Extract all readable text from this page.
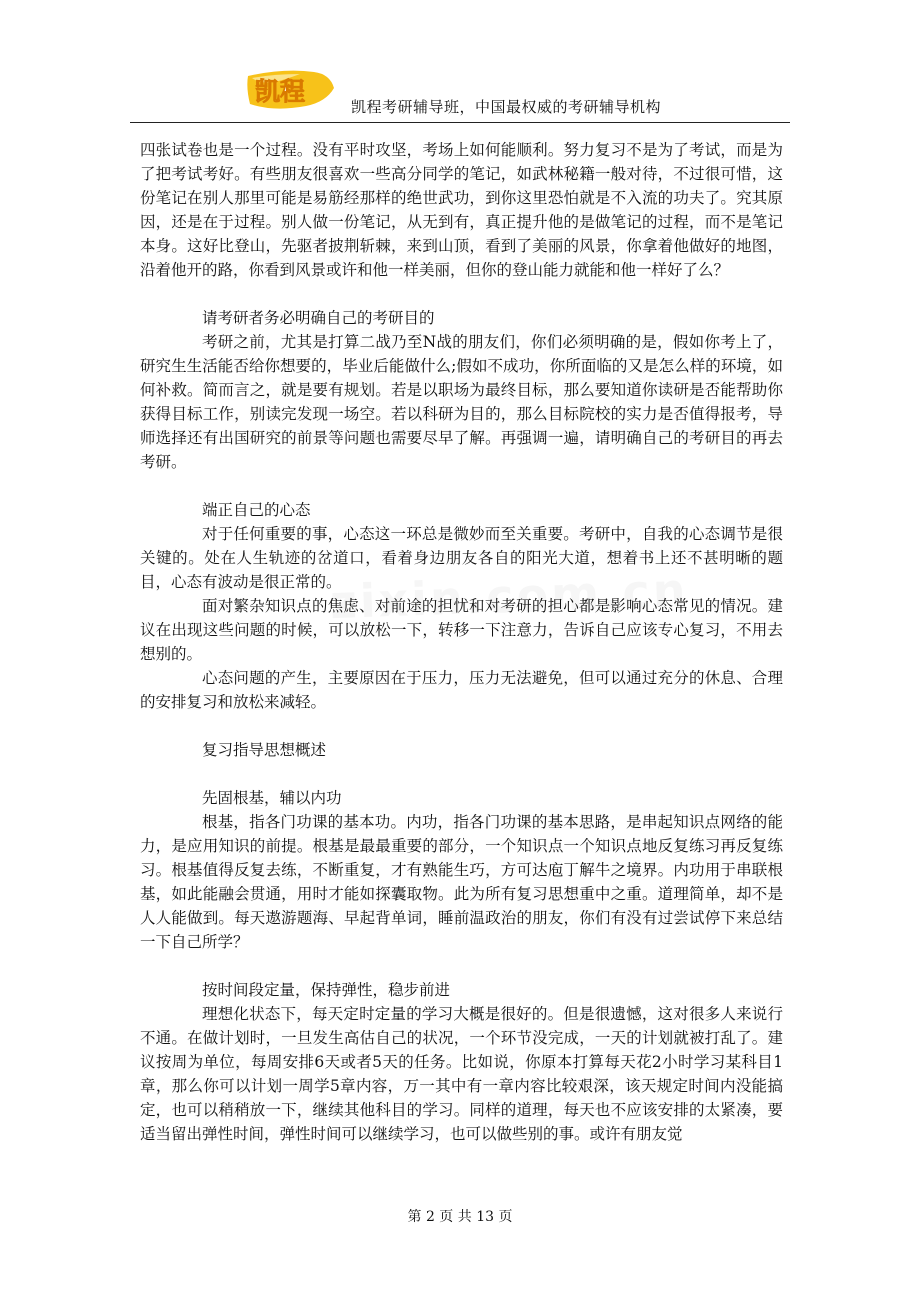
凯程
凯程考研辅导班，中国最权威的考研辅导机构

四张试卷也是一个过程。没有平时攻坚，考场上如何能顺利。努力复习不是为了考试，而是为了把考试考好。有些朋友很喜欢一些高分同学的笔记，如武林秘籍一般对待，不过很可惜，这份笔记在别人那里可能是易筋经那样的绝世武功，到你这里恐怕就是不入流的功夫了。究其原因，还是在于过程。别人做一份笔记，从无到有，真正提升他的是做笔记的过程，而不是笔记本身。这好比登山，先驱者披荆斩棘，来到山顶，看到了美丽的风景，你拿着他做好的地图，沿着他开的路，你看到风景或许和他一样美丽，但你的登山能力就能和他一样好了么？

请考研者务必明确自己的考研目的

考研之前，尤其是打算二战乃至N战的朋友们，你们必须明确的是，假如你考上了，研究生生活能否给你想要的，毕业后能做什么;假如不成功，你所面临的又是怎么样的环境，如何补救。简而言之，就是要有规划。若是以职场为最终目标，那么要知道你读研是否能帮助你获得目标工作，别读完发现一场空。若以科研为目的，那么目标院校的实力是否值得报考，导师选择还有出国研究的前景等问题也需要尽早了解。再强调一遍，请明确自己的考研目的再去考研。

端正自己的心态

对于任何重要的事，心态这一环总是微妙而至关重要。考研中，自我的心态调节是很关键的。处在人生轨迹的岔道口，看着身边朋友各自的阳光大道，想着书上还不甚明晰的题目，心态有波动是很正常的。

面对繁杂知识点的焦虑、对前途的担忧和对考研的担心都是影响心态常见的情况。建议在出现这些问题的时候，可以放松一下，转移一下注意力，告诉自己应该专心复习，不用去想别的。

心态问题的产生，主要原因在于压力，压力无法避免，但可以通过充分的休息、合理的安排复习和放松来减轻。

复习指导思想概述

先固根基，辅以内功

根基，指各门功课的基本功。内功，指各门功课的基本思路，是串起知识点网络的能力，是应用知识的前提。根基是最最重要的部分，一个知识点一个知识点地反复练习再反复练习。根基值得反复去练，不断重复，才有熟能生巧，方可达庖丁解牛之境界。内功用于串联根基，如此能融会贯通，用时才能如探囊取物。此为所有复习思想重中之重。道理简单，却不是人人能做到。每天遨游题海、早起背单词，睡前温政治的朋友，你们有没有过尝试停下来总结一下自己所学？

按时间段定量，保持弹性，稳步前进

理想化状态下，每天定时定量的学习大概是很好的。但是很遗憾，这对很多人来说行不通。在做计划时，一旦发生高估自己的状况，一个环节没完成，一天的计划就被打乱了。建议按周为单位，每周安排6天或者5天的任务。比如说，你原本打算每天花2小时学习某科目1章，那么你可以计划一周学5章内容，万一其中有一章内容比较艰深，该天规定时间内没能搞定，也可以稍稍放一下，继续其他科目的学习。同样的道理，每天也不应该安排的太紧凑，要适当留出弹性时间，弹性时间可以继续学习，也可以做些别的事。或许有朋友觉

第 2 页 共 13 页
